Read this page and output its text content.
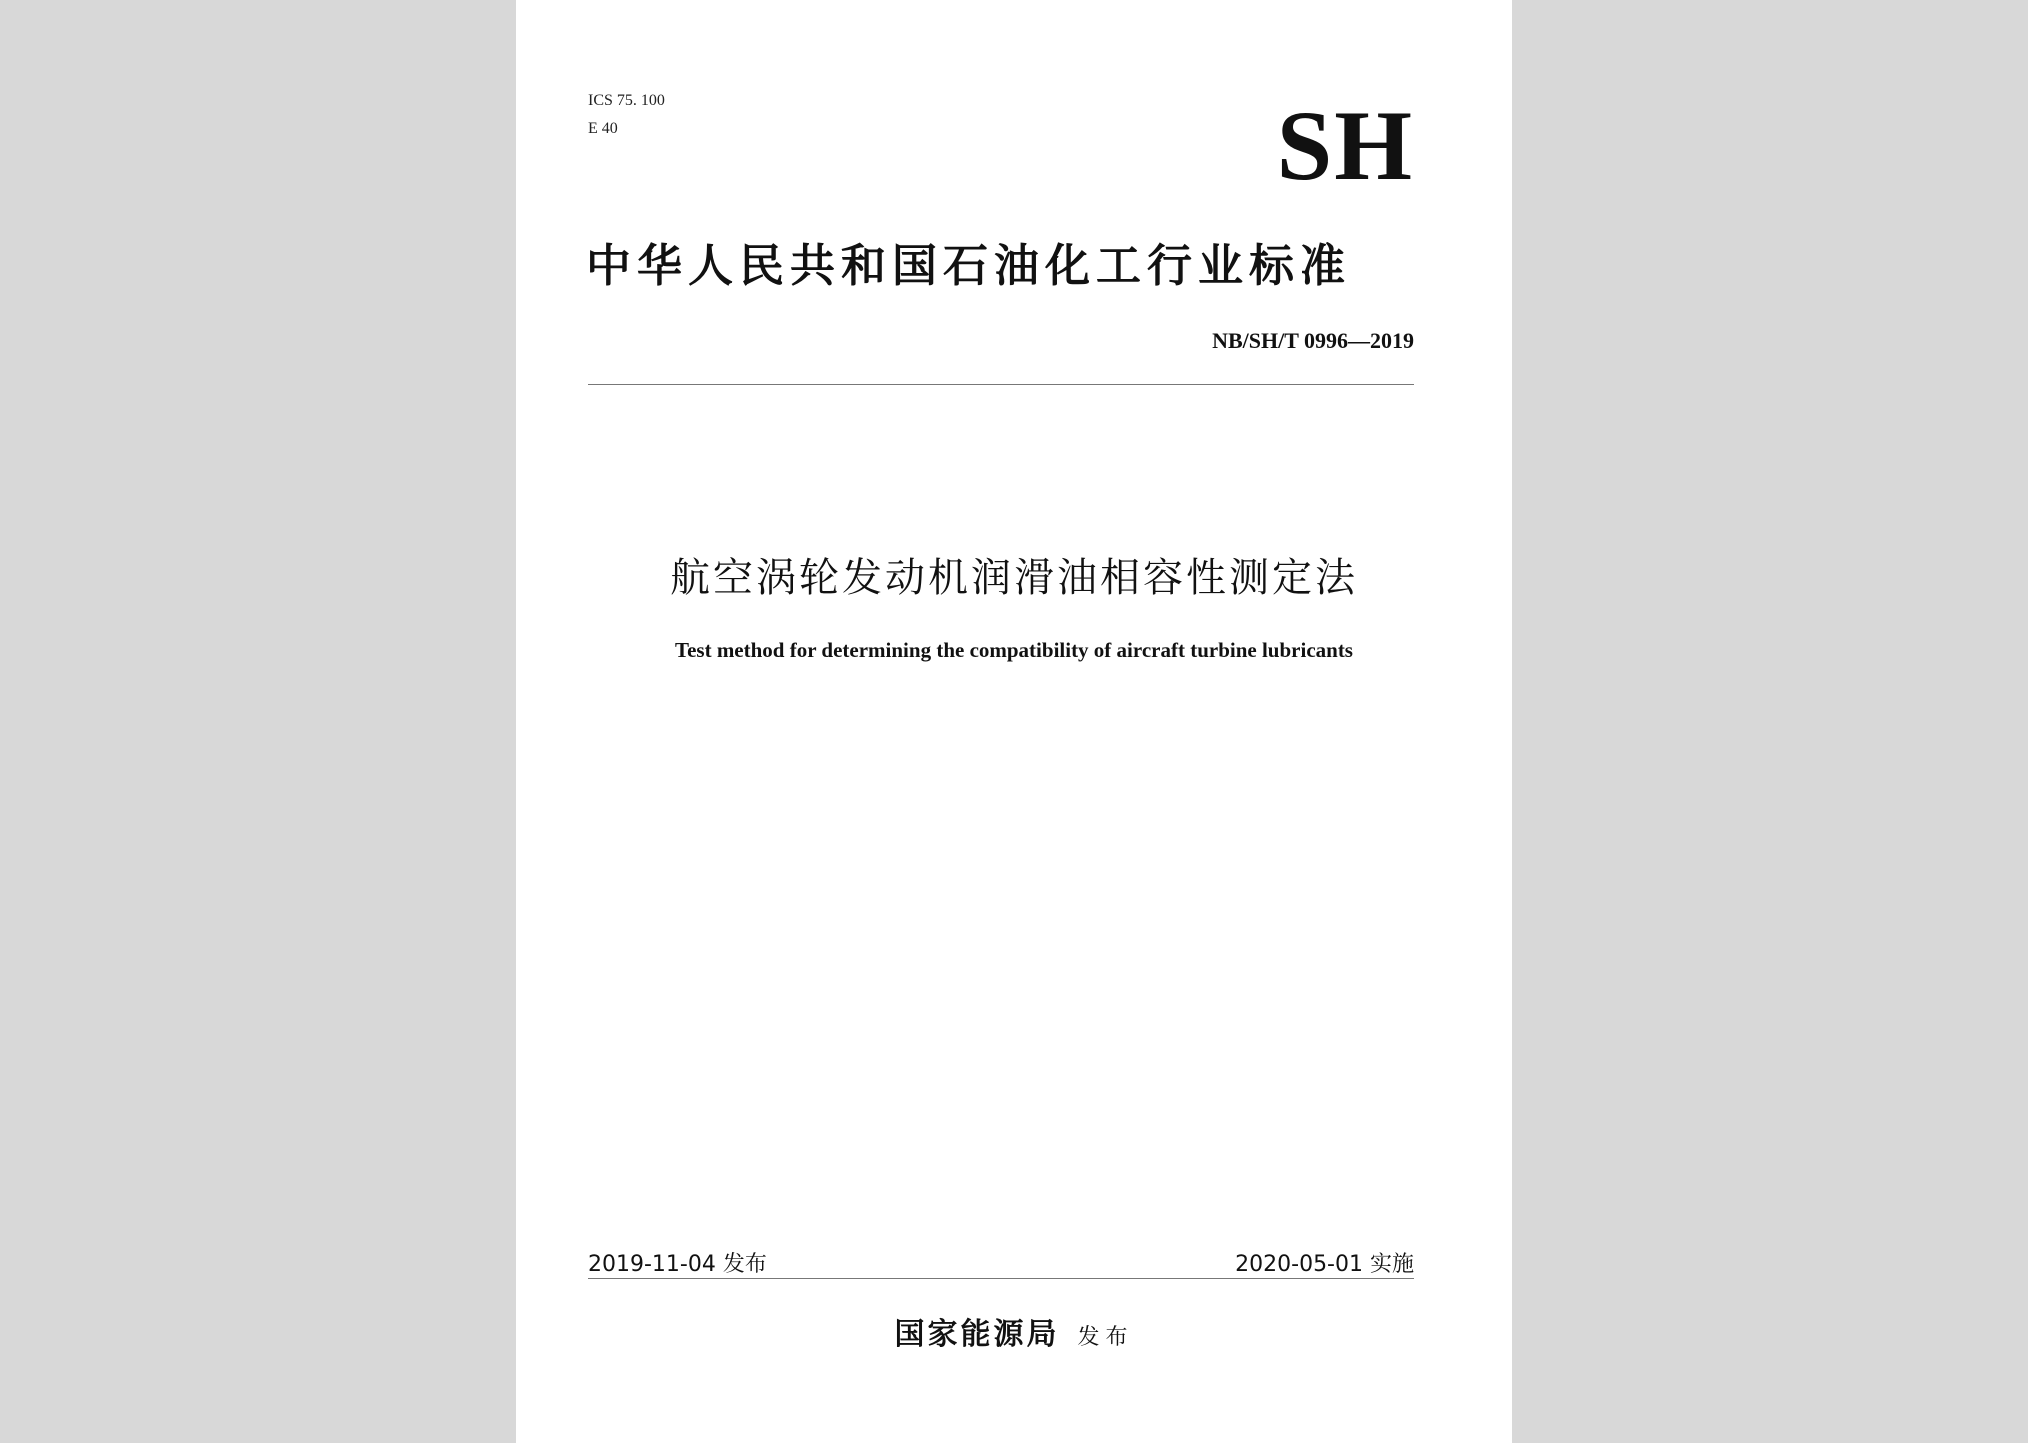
ICS 75. 100
E 40	SH
中华人民共和国石油化工行业标准
NB/SH/T 0996—2019
航空涡轮发动机润滑油相容性测定法
Test method for determining the compatibility of aircraft turbine lubricants
2019-11-04 发布	2020-05-01 实施
国家能源局 发布
